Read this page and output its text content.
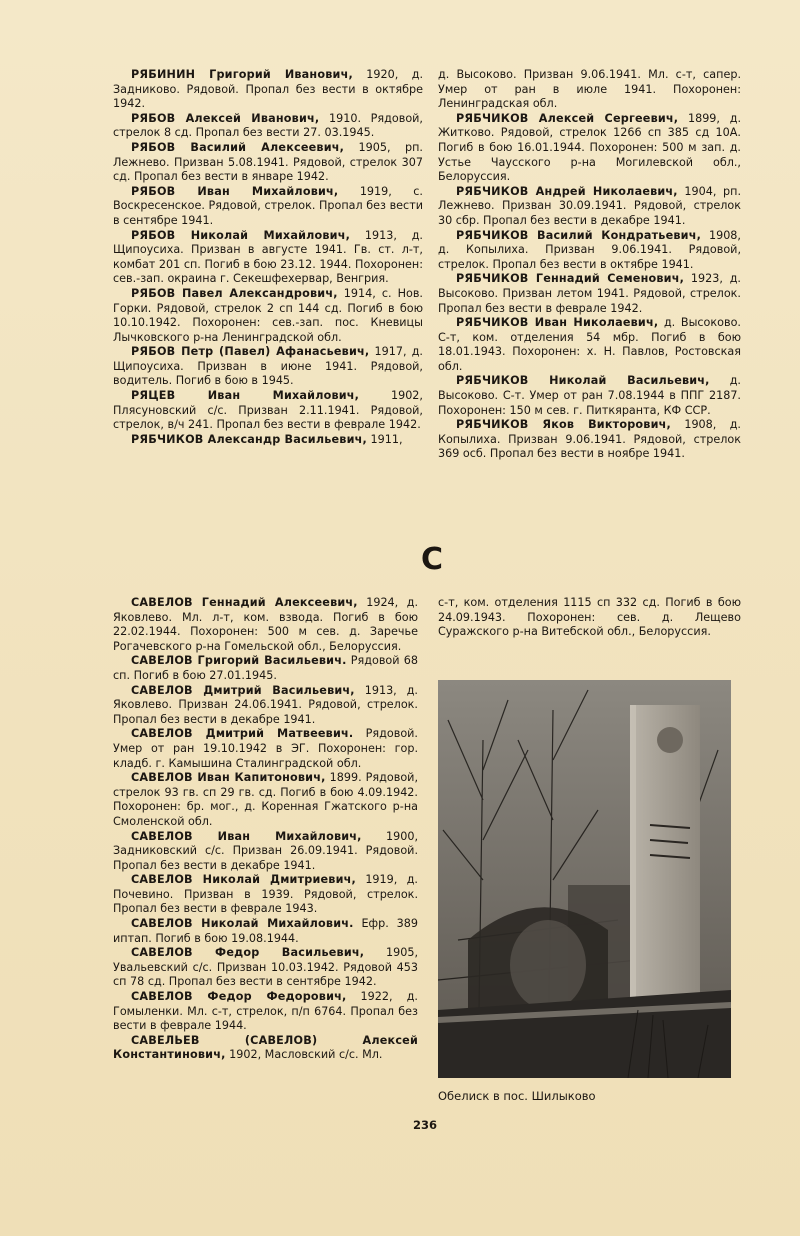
РЯБИНИН Григорий Иванович, 1920, д. Задниково. Рядовой. Пропал без вести в октябре 1942.

РЯБОВ Алексей Иванович, 1910. Рядовой, стрелок 8 сд. Пропал без вести 27. 03.1945.

РЯБОВ Василий Алексеевич, 1905, рп. Лежнево. Призван 5.08.1941. Рядовой, стрелок 307 сд. Пропал без вести в январе 1942.

РЯБОВ Иван Михайлович, 1919, с. Воскресенское. Рядовой, стрелок. Пропал без вести в сентябре 1941.

РЯБОВ Николай Михайлович, 1913, д. Щипоусиха. Призван в августе 1941. Гв. ст. л-т, комбат 201 сп. Погиб в бою 23.12. 1944. Похоронен: сев.-зап. окраина г. Секешфехервар, Венгрия.

РЯБОВ Павел Александрович, 1914, с. Нов. Горки. Рядовой, стрелок 2 сп 144 сд. Погиб в бою 10.10.1942. Похоронен: сев.-зап. пос. Кневицы Лычковского р-на Ленинградской обл.

РЯБОВ Петр (Павел) Афанасьевич, 1917, д. Щипоусиха. Призван в июне 1941. Рядовой, водитель. Погиб в бою в 1945.

РЯЦЕВ Иван Михайлович, 1902, Плясуновский с/с. Призван 2.11.1941. Рядовой, стрелок, в/ч 241. Пропал без вести в феврале 1942.

РЯБЧИКОВ Александр Васильевич, 1911,

д. Высоково. Призван 9.06.1941. Мл. с-т, сапер. Умер от ран в июле 1941. Похоронен: Ленинградская обл.

РЯБЧИКОВ Алексей Сергеевич, 1899, д. Житково. Рядовой, стрелок 1266 сп 385 сд 10А. Погиб в бою 16.01.1944. Похоронен: 500 м зап. д. Устье Чаусского р-на Могилевской обл., Белоруссия.

РЯБЧИКОВ Андрей Николаевич, 1904, рп. Лежнево. Призван 30.09.1941. Рядовой, стрелок 30 сбр. Пропал без вести в декабре 1941.

РЯБЧИКОВ Василий Кондратьевич, 1908, д. Копылиха. Призван 9.06.1941. Рядовой, стрелок. Пропал без вести в октябре 1941.

РЯБЧИКОВ Геннадий Семенович, 1923, д. Высоково. Призван летом 1941. Рядовой, стрелок. Пропал без вести в феврале 1942.

РЯБЧИКОВ Иван Николаевич, д. Высоково. С-т, ком. отделения 54 мбр. Погиб в бою 18.01.1943. Похоронен: х. Н. Павлов, Ростовская обл.

РЯБЧИКОВ Николай Васильевич, д. Высоково. С-т. Умер от ран 7.08.1944 в ППГ 2187. Похоронен: 150 м сев. г. Питкяранта, КФ ССР.

РЯБЧИКОВ Яков Викторович, 1908, д. Копылиха. Призван 9.06.1941. Рядовой, стрелок 369 осб. Пропал без вести в ноябре 1941.

С

САВЕЛОВ Геннадий Алексеевич, 1924, д. Яковлево. Мл. л-т, ком. взвода. Погиб в бою 22.02.1944. Похоронен: 500 м сев. д. Заречье Рогачевского р-на Гомельской обл., Белоруссия.

САВЕЛОВ Григорий Васильевич. Рядовой 68 сп. Погиб в бою 27.01.1945.

САВЕЛОВ Дмитрий Васильевич, 1913, д. Яковлево. Призван 24.06.1941. Рядовой, стрелок. Пропал без вести в декабре 1941.

САВЕЛОВ Дмитрий Матвеевич. Рядовой. Умер от ран 19.10.1942 в ЭГ. Похоронен: гор. кладб. г. Камышина Сталинградской обл.

САВЕЛОВ Иван Капитонович, 1899. Рядовой, стрелок 93 гв. сп 29 гв. сд. Погиб в бою 4.09.1942. Похоронен: бр. мог., д. Коренная Гжатского р-на Смоленской обл.

САВЕЛОВ Иван Михайлович, 1900, Задниковский с/с. Призван 26.09.1941. Рядовой. Пропал без вести в декабре 1941.

САВЕЛОВ Николай Дмитриевич, 1919, д. Почевино. Призван в 1939. Рядовой, стрелок. Пропал без вести в феврале 1943.

САВЕЛОВ Николай Михайлович. Ефр. 389 иптап. Погиб в бою 19.08.1944.

САВЕЛОВ Федор Васильевич, 1905, Увальевский с/с. Призван 10.03.1942. Рядовой 453 сп 78 сд. Пропал без вести в сентябре 1942.

САВЕЛОВ Федор Федорович, 1922, д. Гомыленки. Мл. с-т, стрелок, п/п 6764. Пропал без вести в феврале 1944.

САВЕЛЬЕВ (САВЕЛОВ) Алексей Константинович, 1902, Масловский с/с. Мл.

с-т, ком. отделения 1115 сп 332 сд. Погиб в бою 24.09.1943. Похоронен: сев. д. Лещево Суражского р-на Витебской обл., Белоруссия.

Обелиск в пос. Шилыково
236
